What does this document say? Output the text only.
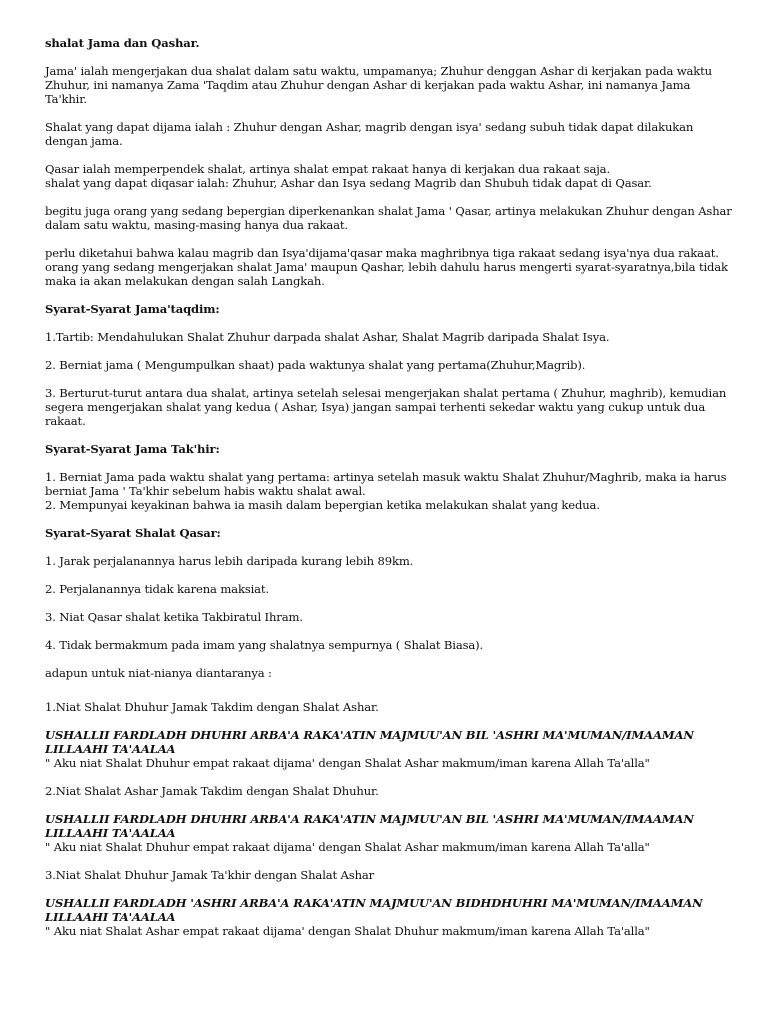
shalat Jama dan Qashar.

Jama' ialah mengerjakan dua shalat dalam satu waktu, umpamanya; Zhuhur denggan Ashar di kerjakan pada waktu Zhuhur, ini namanya Zama 'Taqdim atau Zhuhur dengan Ashar di kerjakan pada waktu Ashar, ini namanya Jama Ta'khir.

Shalat yang dapat dijama ialah : Zhuhur dengan Ashar, magrib dengan isya' sedang subuh tidak dapat dilakukan dengan jama.

Qasar ialah memperpendek shalat, artinya shalat empat rakaat hanya di kerjakan dua rakaat saja.

shalat yang dapat diqasar ialah: Zhuhur, Ashar dan Isya sedang Magrib dan Shubuh tidak dapat di Qasar.

begitu juga orang yang sedang bepergian diperkenankan shalat Jama ' Qasar, artinya melakukan Zhuhur dengan Ashar dalam satu waktu, masing-masing hanya dua rakaat.

perlu diketahui bahwa kalau magrib dan Isya'dijama'qasar maka maghribnya tiga rakaat sedang isya'nya dua rakaat.

orang yang sedang mengerjakan shalat Jama' maupun Qashar, lebih dahulu harus mengerti syarat-syaratnya,bila tidak maka ia akan melakukan dengan salah Langkah.

Syarat-Syarat Jama'taqdim:

1.Tartib: Mendahulukan Shalat Zhuhur darpada shalat Ashar, Shalat Magrib daripada Shalat Isya.

2. Berniat jama ( Mengumpulkan shaat) pada waktunya shalat yang pertama(Zhuhur,Magrib).

3. Berturut-turut antara dua shalat, artinya setelah selesai mengerjakan shalat pertama ( Zhuhur, maghrib), kemudian segera mengerjakan shalat yang kedua ( Ashar, Isya) jangan sampai terhenti sekedar waktu yang cukup untuk dua rakaat.

Syarat-Syarat Jama Tak'hir:

1. Berniat Jama pada waktu shalat yang pertama: artinya setelah masuk waktu Shalat Zhuhur/Maghrib, maka ia harus berniat Jama ' Ta'khir sebelum habis waktu shalat awal.

2. Mempunyai keyakinan bahwa ia masih dalam bepergian ketika melakukan shalat yang kedua.

Syarat-Syarat Shalat Qasar:

1. Jarak perjalanannya harus lebih daripada kurang lebih 89km.

2. Perjalanannya tidak karena maksiat.

3. Niat Qasar shalat ketika Takbiratul Ihram.

4. Tidak bermakmum pada imam yang shalatnya sempurnya ( Shalat Biasa).

adapun untuk niat-nianya diantaranya :

1.Niat Shalat Dhuhur Jamak Takdim dengan Shalat Ashar.

USHALLII FARDLADH DHUHRI ARBA'A RAKA'ATIN MAJMUU'AN BIL 'ASHRI MA'MUMAN/IMAAMAN LILLAAHI TA'AALAA

" Aku niat Shalat Dhuhur empat rakaat dijama' dengan Shalat Ashar makmum/iman karena Allah Ta'alla"

2.Niat Shalat Ashar Jamak Takdim dengan Shalat Dhuhur.

USHALLII FARDLADH DHUHRI ARBA'A RAKA'ATIN MAJMUU'AN BIL 'ASHRI MA'MUMAN/IMAAMAN LILLAAHI TA'AALAA

" Aku niat Shalat Dhuhur empat rakaat dijama' dengan Shalat Ashar makmum/iman karena Allah Ta'alla"

3.Niat Shalat Dhuhur Jamak Ta'khir dengan Shalat Ashar

USHALLII FARDLADH 'ASHRI ARBA'A RAKA'ATIN MAJMUU'AN BIDHDHUHRI MA'MUMAN/IMAAMAN LILLAAHI TA'AALAA

" Aku niat Shalat Ashar empat rakaat dijama' dengan Shalat Dhuhur makmum/iman karena Allah Ta'alla"
